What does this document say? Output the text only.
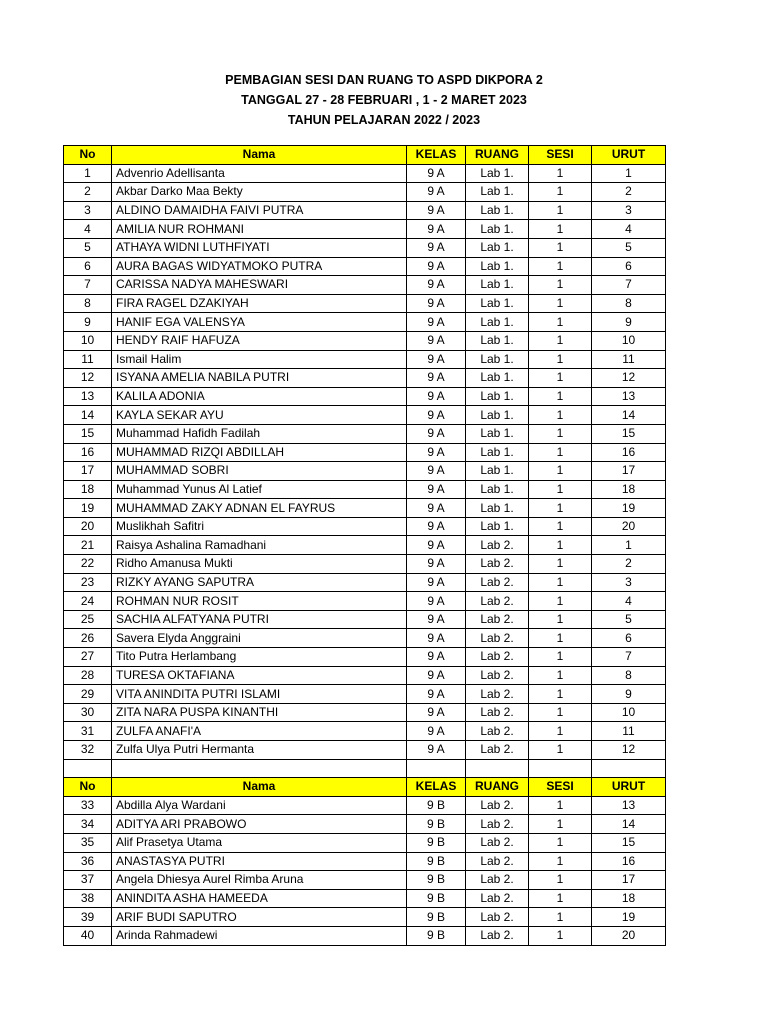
PEMBAGIAN SESI DAN RUANG TO ASPD DIKPORA 2
TANGGAL 27 - 28 FEBRUARI , 1 - 2 MARET 2023
TAHUN PELAJARAN 2022 / 2023
No	Nama	KELAS	RUANG	SESI	URUT
1	Advenrio Adellisanta	9 A	Lab 1.	1	1
2	Akbar Darko Maa Bekty	9 A	Lab 1.	1	2
3	ALDINO DAMAIDHA FAIVI PUTRA	9 A	Lab 1.	1	3
4	AMILIA NUR ROHMANI	9 A	Lab 1.	1	4
5	ATHAYA WIDNI LUTHFIYATI	9 A	Lab 1.	1	5
6	AURA BAGAS WIDYATMOKO PUTRA	9 A	Lab 1.	1	6
7	CARISSA NADYA MAHESWARI	9 A	Lab 1.	1	7
8	FIRA RAGEL DZAKIYAH	9 A	Lab 1.	1	8
9	HANIF EGA VALENSYA	9 A	Lab 1.	1	9
10	HENDY RAIF HAFUZA	9 A	Lab 1.	1	10
11	Ismail Halim	9 A	Lab 1.	1	11
12	ISYANA AMELIA NABILA PUTRI	9 A	Lab 1.	1	12
13	KALILA ADONIA	9 A	Lab 1.	1	13
14	KAYLA SEKAR AYU	9 A	Lab 1.	1	14
15	Muhammad Hafidh Fadilah	9 A	Lab 1.	1	15
16	MUHAMMAD RIZQI ABDILLAH	9 A	Lab 1.	1	16
17	MUHAMMAD SOBRI	9 A	Lab 1.	1	17
18	Muhammad Yunus Al Latief	9 A	Lab 1.	1	18
19	MUHAMMAD ZAKY ADNAN EL FAYRUS	9 A	Lab 1.	1	19
20	Muslikhah Safitri	9 A	Lab 1.	1	20
21	Raisya Ashalina Ramadhani	9 A	Lab 2.	1	1
22	Ridho Amanusa Mukti	9 A	Lab 2.	1	2
23	RIZKY AYANG SAPUTRA	9 A	Lab 2.	1	3
24	ROHMAN NUR ROSIT	9 A	Lab 2.	1	4
25	SACHIA ALFATYANA PUTRI	9 A	Lab 2.	1	5
26	Savera Elyda Anggraini	9 A	Lab 2.	1	6
27	Tito Putra Herlambang	9 A	Lab 2.	1	7
28	TURESA OKTAFIANA	9 A	Lab 2.	1	8
29	VITA ANINDITA PUTRI ISLAMI	9 A	Lab 2.	1	9
30	ZITA NARA PUSPA KINANTHI	9 A	Lab 2.	1	10
31	ZULFA ANAFI'A	9 A	Lab 2.	1	11
32	Zulfa Ulya Putri Hermanta	9 A	Lab 2.	1	12

No	Nama	KELAS	RUANG	SESI	URUT
33	Abdilla Alya Wardani	9 B	Lab 2.	1	13
34	ADITYA ARI PRABOWO	9 B	Lab 2.	1	14
35	Alif Prasetya Utama	9 B	Lab 2.	1	15
36	ANASTASYA PUTRI	9 B	Lab 2.	1	16
37	Angela Dhiesya Aurel Rimba Aruna	9 B	Lab 2.	1	17
38	ANINDITA ASHA HAMEEDA	9 B	Lab 2.	1	18
39	ARIF BUDI SAPUTRO	9 B	Lab 2.	1	19
40	Arinda Rahmadewi	9 B	Lab 2.	1	20
